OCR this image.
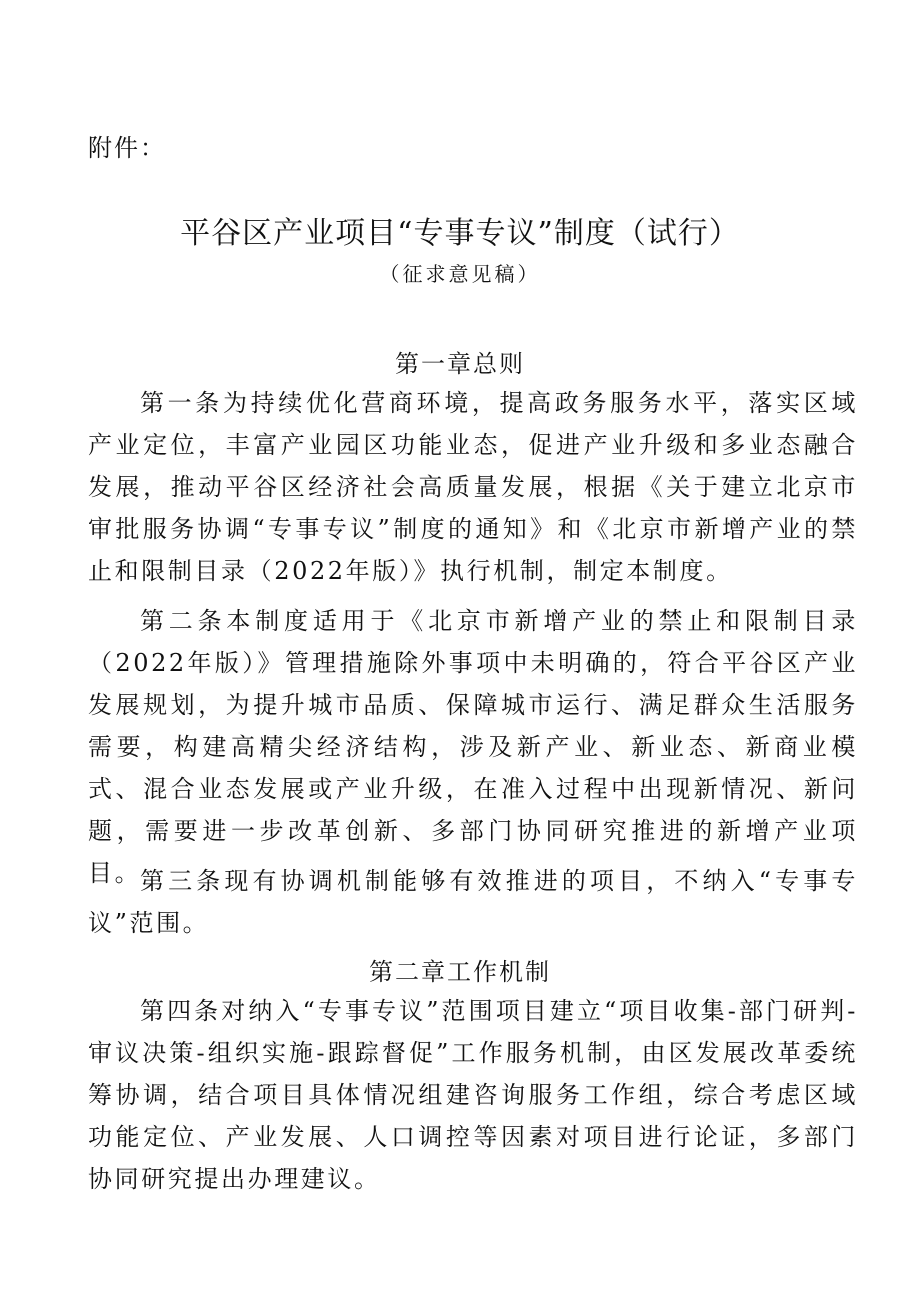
附件：
平谷区产业项目“专事专议”制度（试行）
（征求意见稿）
第一章总则
第一条为持续优化营商环境，提高政务服务水平，落实区域产业定位，丰富产业园区功能业态，促进产业升级和多业态融合发展，推动平谷区经济社会高质量发展，根据《关于建立北京市审批服务协调“专事专议”制度的通知》和《北京市新增产业的禁止和限制目录（2022年版）》执行机制，制定本制度。
第二条本制度适用于《北京市新增产业的禁止和限制目录（2022年版）》管理措施除外事项中未明确的，符合平谷区产业发展规划，为提升城市品质、保障城市运行、满足群众生活服务需要，构建高精尖经济结构，涉及新产业、新业态、新商业模式、混合业态发展或产业升级，在准入过程中出现新情况、新问题，需要进一步改革创新、多部门协同研究推进的新增产业项目。
第三条现有协调机制能够有效推进的项目，不纳入“专事专议”范围。
第二章工作机制
第四条对纳入“专事专议”范围项目建立“项目收集-部门研判-审议决策-组织实施-跟踪督促”工作服务机制，由区发展改革委统筹协调，结合项目具体情况组建咨询服务工作组，综合考虑区域功能定位、产业发展、人口调控等因素对项目进行论证，多部门协同研究提出办理建议。
